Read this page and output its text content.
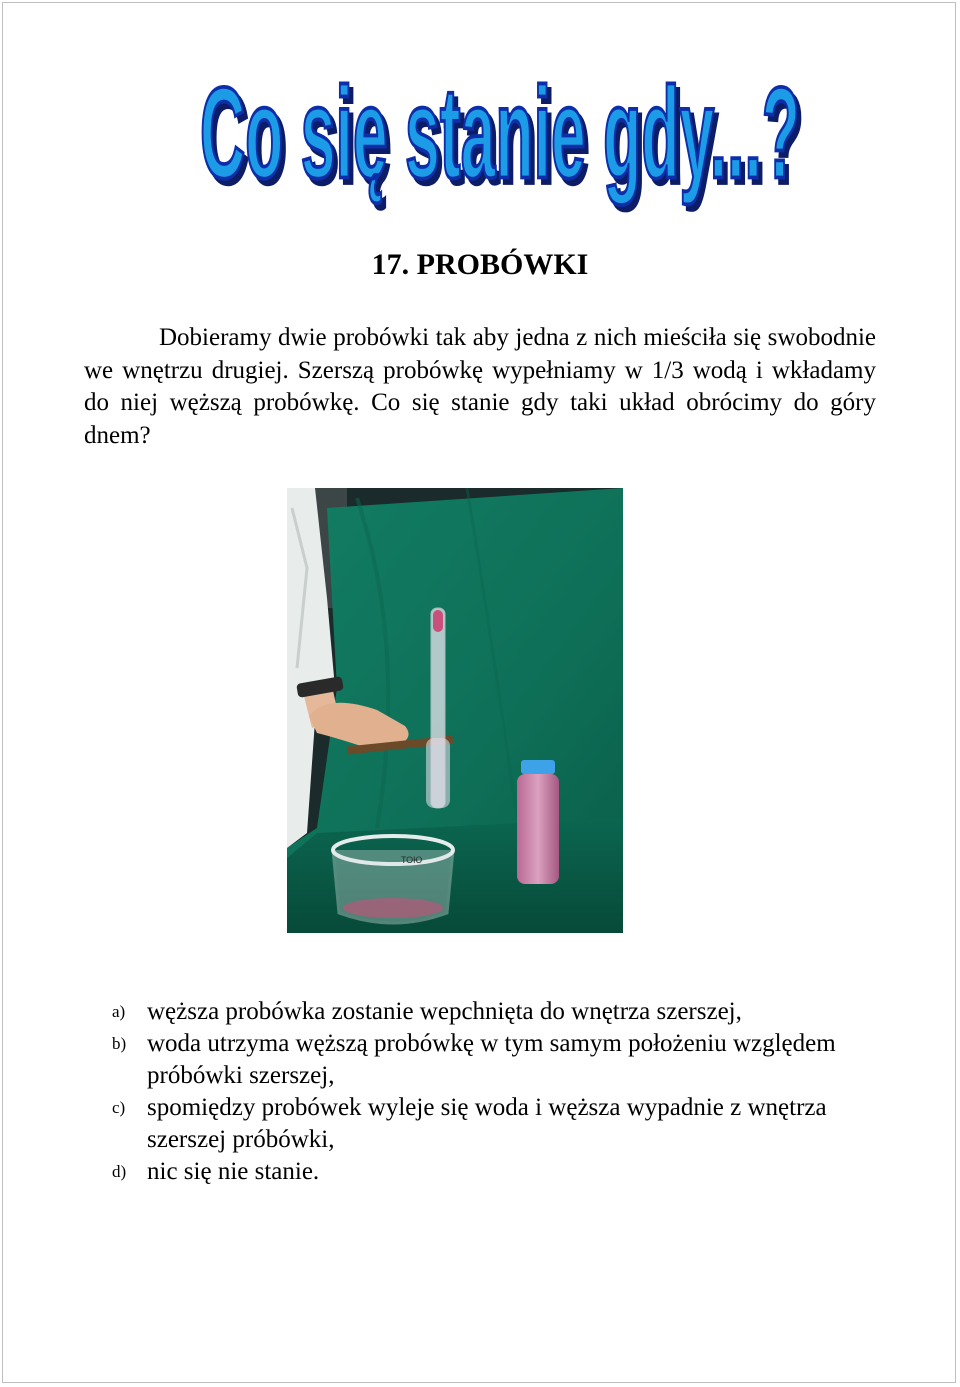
Co się stanie gdy...?
17. PROBÓWKI
Dobieramy dwie probówki tak aby jedna z nich mieściła się swobodnie we wnętrzu drugiej. Szerszą probówkę wypełniamy w 1/3 wodą i wkładamy do niej węższą probówkę. Co się stanie gdy taki układ obrócimy do góry dnem?
ТОЮ
a) węższa probówka zostanie wepchnięta do wnętrza szerszej,
b) woda utrzyma węższą probówkę w tym samym położeniu względem próbówki szerszej,
c) spomiędzy probówek wyleje się woda i węższa wypadnie z wnętrza szerszej próbówki,
d) nic się nie stanie.
